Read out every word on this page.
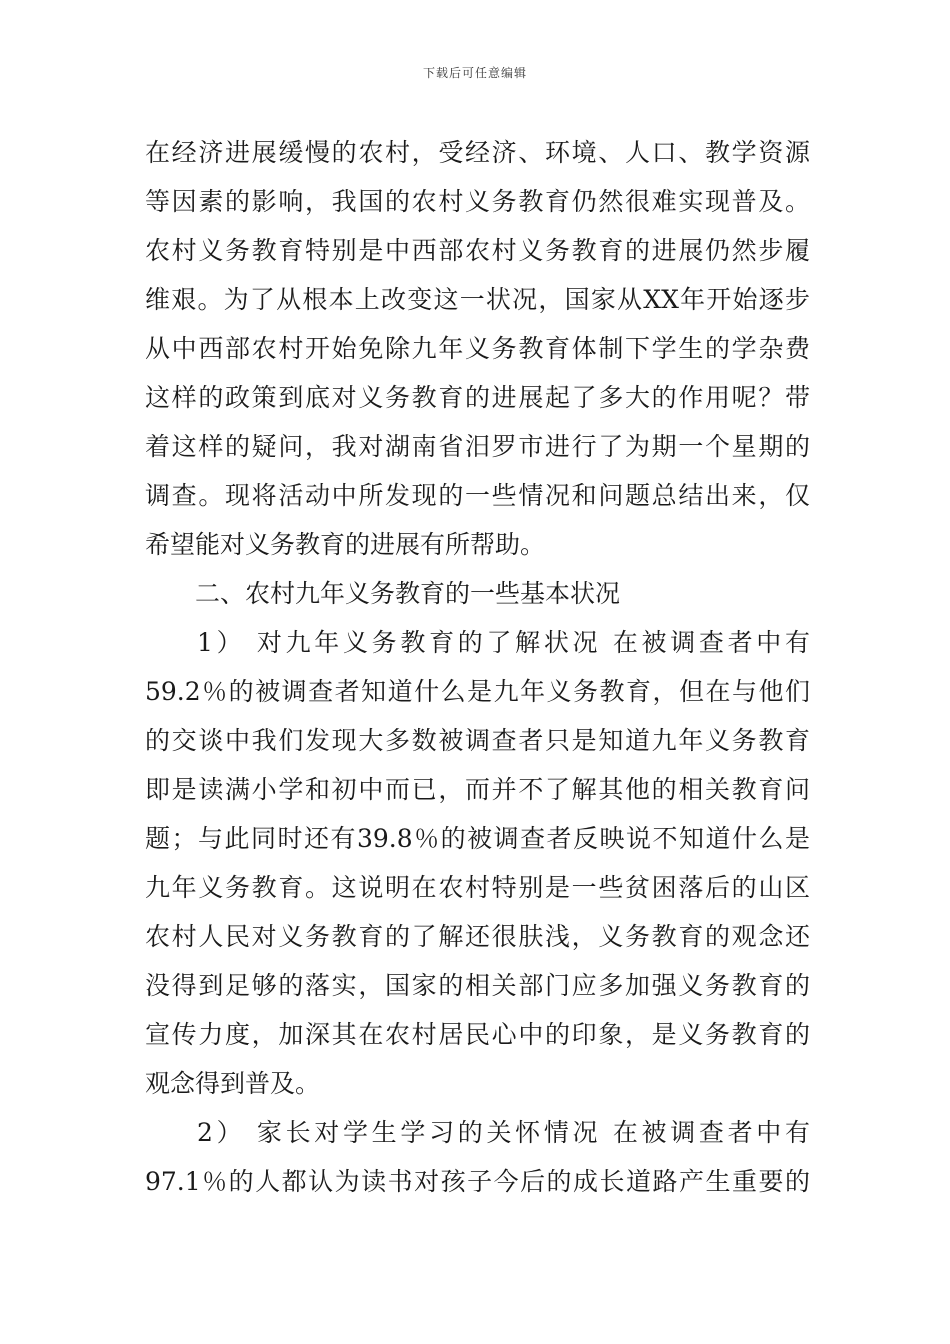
下载后可任意编辑
在经济进展缓慢的农村，受经济、环境、人口、教学资源
等因素的影响，我国的农村义务教育仍然很难实现普及。
农村义务教育特别是中西部农村义务教育的进展仍然步履
维艰。为了从根本上改变这一状况，国家从XX年开始逐步
从中西部农村开始免除九年义务教育体制下学生的学杂费
这样的政策到底对义务教育的进展起了多大的作用呢？带
着这样的疑问，我对湖南省汨罗市进行了为期一个星期的
调查。现将活动中所发现的一些情况和问题总结出来，仅
希望能对义务教育的进展有所帮助。
二、农村九年义务教育的一些基本状况
1） 对九年义务教育的了解状况 在被调查者中有
59.2％的被调查者知道什么是九年义务教育，但在与他们
的交谈中我们发现大多数被调查者只是知道九年义务教育
即是读满小学和初中而已，而并不了解其他的相关教育问
题；与此同时还有39.8％的被调查者反映说不知道什么是
九年义务教育。这说明在农村特别是一些贫困落后的山区
农村人民对义务教育的了解还很肤浅，义务教育的观念还
没得到足够的落实，国家的相关部门应多加强义务教育的
宣传力度，加深其在农村居民心中的印象，是义务教育的
观念得到普及。
2） 家长对学生学习的关怀情况 在被调查者中有
97.1％的人都认为读书对孩子今后的成长道路产生重要的
